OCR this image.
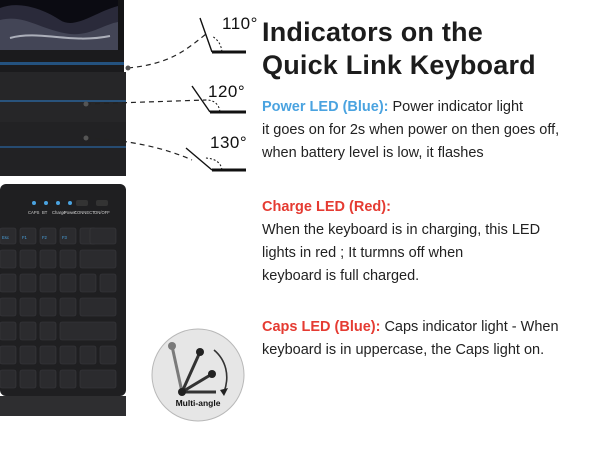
Esc	F1	F2	F3
CAPS BT Charge
Power
CONNECT ON/OFF
110°
120°
130°
Indicators on the
Quick Link Keyboard
Power LED (Blue): Power indicator light
it goes on for 2s when power on then goes off,
when battery level is low, it flashes
Charge LED (Red):
When the keyboard is in charging, this LED
lights in red ; It turmns off when
keyboard is full charged.
Caps LED (Blue): Caps indicator light - When
keyboard is in uppercase, the Caps light on.
Multi-angle
